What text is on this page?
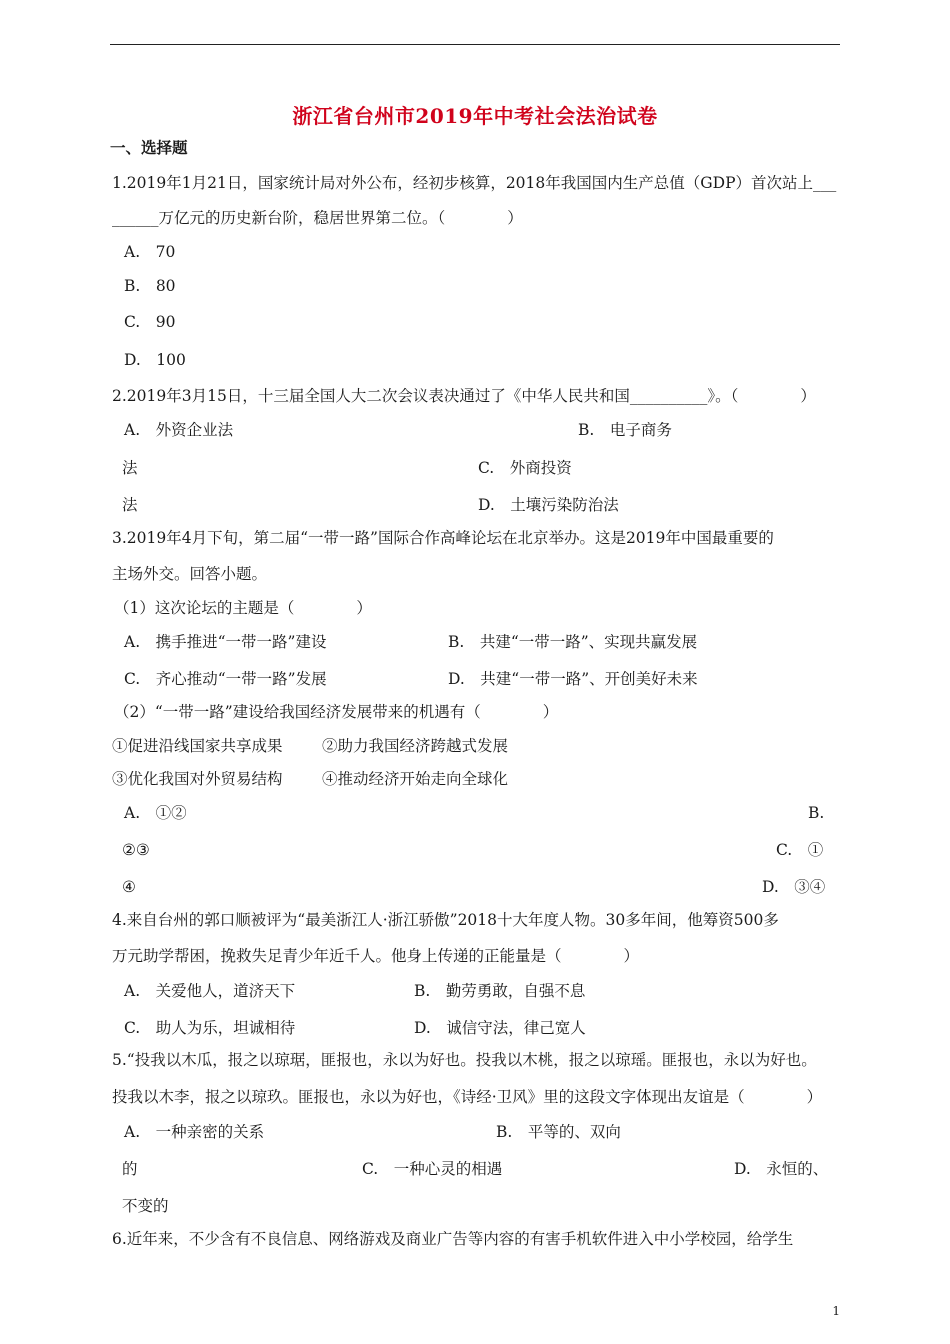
浙江省台州市2019年中考社会法治试卷
一、选择题
1.2019年1月21日，国家统计局对外公布，经初步核算，2018年我国国内生产总值（GDP）首次站上___
______万亿元的历史新台阶，稳居世界第二位。（　　　　）
A.　70
B.　80
C.　90
D.　100
2.2019年3月15日，十三届全国人大二次会议表决通过了《中华人民共和国__________》。（　　　　）
A.　外资企业法	B.　电子商务
法	C.　外商投资
法	D.　土壤污染防治法
3.2019年4月下旬，第二届“一带一路”国际合作高峰论坛在北京举办。这是2019年中国最重要的
主场外交。回答小题。
（1）这次论坛的主题是（　　　　）
A.　携手推进“一带一路”建设	B.　共建“一带一路”、实现共赢发展
C.　齐心推动“一带一路”发展	D.　共建“一带一路”、开创美好未来
（2）“一带一路”建设给我国经济发展带来的机遇有（　　　　）
①促进沿线国家共享成果	②助力我国经济跨越式发展
③优化我国对外贸易结构	④推动经济开始走向全球化
A.　①②	B.
②③	C.　①
④	D.　③④
4.来自台州的郭口顺被评为“最美浙江人·浙江骄傲”2018十大年度人物。30多年间，他筹资500多
万元助学帮困，挽救失足青少年近千人。他身上传递的正能量是（　　　　）
A.　关爱他人，道济天下	B.　勤劳勇敢，自强不息
C.　助人为乐，坦诚相待	D.　诚信守法，律己宽人
5.“投我以木瓜，报之以琼琚，匪报也，永以为好也。投我以木桃，报之以琼瑶。匪报也，永以为好也。
投我以木李，报之以琼玖。匪报也，永以为好也，《诗经·卫风》里的这段文字体现出友谊是（　　　　）
A.　一种亲密的关系	B.　平等的、双向
的	C.　一种心灵的相遇	D.　永恒的、
不变的
6.近年来，不少含有不良信息、网络游戏及商业广告等内容的有害手机软件进入中小学校园，给学生
1
